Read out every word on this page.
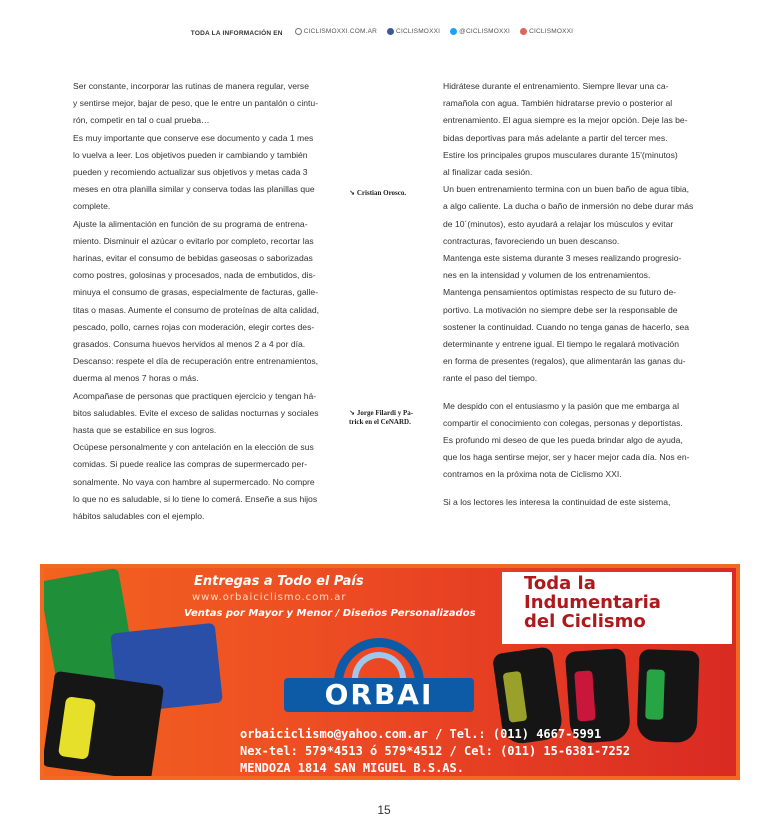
TODA LA INFORMACIÓN EN	CICLISMOXXI.COM.AR
	CICLISMOXXI
	@CICLISMOXXI
	CICLISMOXXI

Ser constante, incorporar las rutinas de manera regular, verse

y sentirse mejor, bajar de peso, que le entre un pantalón o cintu-

rón, competir en tal o cual prueba…

Es muy importante que conserve ese documento y cada 1 mes

lo vuelva a leer. Los objetivos pueden ir cambiando y también

pueden y recomiendo actualizar sus objetivos y metas cada 3

meses en otra planilla similar y conserva todas las planillas que

complete.

Ajuste la alimentación en función de su programa de entrena-

miento. Disminuir el azúcar o evitarlo por completo, recortar las

harinas, evitar el consumo de bebidas gaseosas o saborizadas

como postres, golosinas y procesados, nada de embutidos, dis-

minuya el consumo de grasas, especialmente de facturas, galle-

titas o masas. Aumente el consumo de proteínas de alta calidad,

pescado, pollo, carnes rojas con moderación, elegir cortes des-

grasados. Consuma huevos hervidos al menos 2 a 4 por día.

Descanso: respete el día de recuperación entre entrenamientos,

duerma al menos 7 horas o más.

Acompañase de personas que practiquen ejercicio y tengan há-

bitos saludables. Evite el exceso de salidas nocturnas y sociales

hasta que se estabilice en sus logros.

Ocúpese personalmente y con antelación en la elección de sus

comidas. Si puede realice las compras de supermercado per-

sonalmente. No vaya con hambre al supermercado. No compre

lo que no es saludable, si lo tiene lo comerá. Enseñe a sus hijos

hábitos saludables con el ejemplo.

↘ Cristian Orosco.
↘ Jorge Filardi y Pa-
trick en el CeNARD.

Hidrátese durante el entrenamiento. Siempre llevar una ca-

ramañola con agua. También hidratarse previo o posterior al

entrenamiento. El agua siempre es la mejor opción. Deje las be-

bidas deportivas para más adelante a partir del tercer mes.

Estire los principales grupos musculares durante 15'(minutos)

al finalizar cada sesión.

Un buen entrenamiento termina con un buen baño de agua tibia,

a algo caliente. La ducha o baño de inmersión no debe durar más

de 10´(minutos), esto ayudará a relajar los músculos y evitar

contracturas, favoreciendo un buen descanso.

Mantenga este sistema durante 3 meses realizando progresio-

nes en la intensidad y volumen de los entrenamientos.

Mantenga pensamientos optimistas respecto de su futuro de-

portivo. La motivación no siempre debe ser la responsable de

sostener la continuidad. Cuando no tenga ganas de hacerlo, sea

determinante y entrene igual. El tiempo le regalará motivación

en forma de presentes (regalos), que alimentarán las ganas du-

rante el paso del tiempo.

Me despido con el entusiasmo y la pasión que me embarga al

compartir el conocimiento con colegas, personas y deportistas.

Es profundo mi deseo de que les pueda brindar algo de ayuda,

que los haga sentirse mejor, ser y hacer mejor cada día. Nos en-

contramos en la próxima nota de Ciclismo XXI.

Si a los lectores les interesa la continuidad de este sistema,

Entregas a Todo el País
www.orbaiciclismo.com.ar
Ventas por Mayor y Menor / Diseños Personalizados
Toda la
Indumentaria
del Ciclismo
ORBAI
orbaiciclismo@yahoo.com.ar / Tel.: (011) 4667-5991
Nex-tel: 579*4513 ó 579*4512 / Cel: (011) 15-6381-7252
MENDOZA 1814 SAN MIGUEL B.S.AS.
15
